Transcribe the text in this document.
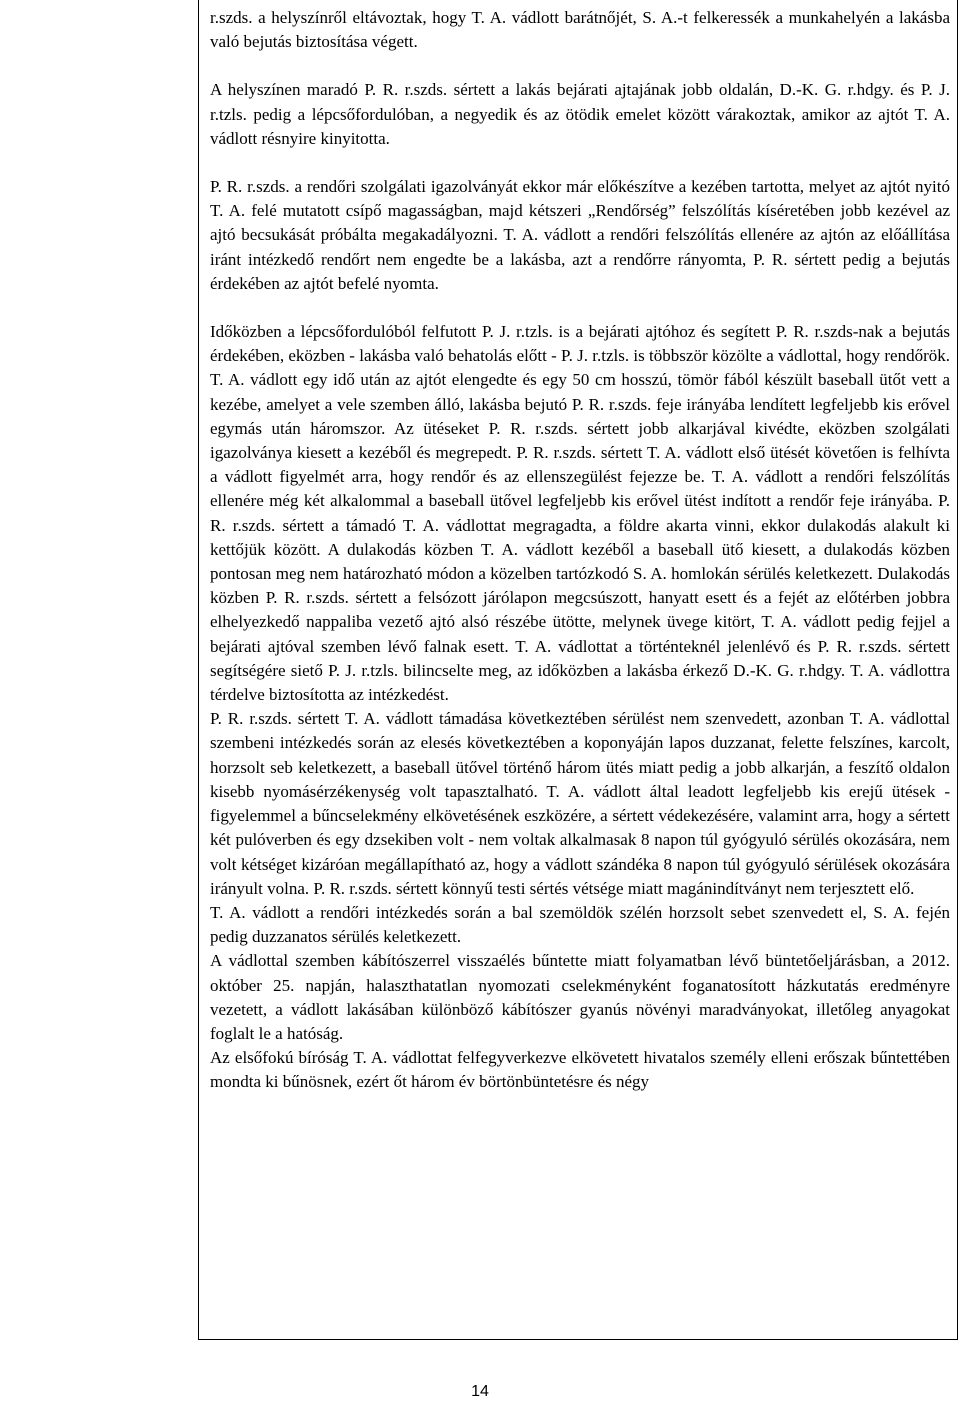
r.szds. a helyszínről eltávoztak, hogy T. A. vádlott barátnőjét, S. A.-t felkeressék a munkahelyén a lakásba való bejutás biztosítása végett.

A helyszínen maradó P. R. r.szds. sértett a lakás bejárati ajtajának jobb oldalán, D.-K. G. r.hdgy. és P. J. r.tzls. pedig a lépcsőfordulóban, a negyedik és az ötödik emelet között várakoztak, amikor az ajtót T. A. vádlott résnyire kinyitotta.

P. R. r.szds. a rendőri szolgálati igazolványát ekkor már előkészítve a kezében tartotta, melyet az ajtót nyitó T. A. felé mutatott csípő magasságban, majd kétszeri „Rendőrség” felszólítás kíséretében jobb kezével az ajtó becsukását próbálta megakadályozni. T. A. vádlott a rendőri felszólítás ellenére az ajtón az előállítása iránt intézkedő rendőrt nem engedte be a lakásba, azt a rendőrre rányomta, P. R. sértett pedig a bejutás érdekében az ajtót befelé nyomta.

Időközben a lépcsőfordulóból felfutott P. J. r.tzls. is a bejárati ajtóhoz és segített P. R. r.szds-nak a bejutás érdekében, eközben - lakásba való behatolás előtt - P. J. r.tzls. is többször közölte a vádlottal, hogy rendőrök. T. A. vádlott egy idő után az ajtót elengedte és egy 50 cm hosszú, tömör fából készült baseball ütőt vett a kezébe, amelyet a vele szemben álló, lakásba bejutó P. R. r.szds. feje irányába lendített legfeljebb kis erővel egymás után háromszor. Az ütéseket P. R. r.szds. sértett jobb alkarjával kivédte, eközben szolgálati igazolványa kiesett a kezéből és megrepedt. P. R. r.szds. sértett T. A. vádlott első ütését követően is felhívta a vádlott figyelmét arra, hogy rendőr és az ellenszegülést fejezze be. T. A. vádlott a rendőri felszólítás ellenére még két alkalommal a baseball ütővel legfeljebb kis erővel ütést indított a rendőr feje irányába. P. R. r.szds. sértett a támadó T. A. vádlottat megragadta, a földre akarta vinni, ekkor dulakodás alakult ki kettőjük között. A dulakodás közben T. A. vádlott kezéből a baseball ütő kiesett, a dulakodás közben pontosan meg nem határozható módon a közelben tartózkodó S. A. homlokán sérülés keletkezett. Dulakodás közben P. R. r.szds. sértett a felsózott járólapon megcsúszott, hanyatt esett és a fejét az előtérben jobbra elhelyezkedő nappaliba vezető ajtó alsó részébe ütötte, melynek üvege kitört, T. A. vádlott pedig fejjel a bejárati ajtóval szemben lévő falnak esett. T. A. vádlottat a történteknél jelenlévő és P. R. r.szds. sértett segítségére siető P. J. r.tzls. bilincselte meg, az időközben a lakásba érkező D.-K. G. r.hdgy. T. A. vádlottra térdelve biztosította az intézkedést.

P. R. r.szds. sértett T. A. vádlott támadása következtében sérülést nem szenvedett, azonban T. A. vádlottal szembeni intézkedés során az elesés következtében a koponyáján lapos duzzanat, felette felszínes, karcolt, horzsolt seb keletkezett, a baseball ütővel történő három ütés miatt pedig a jobb alkarján, a feszítő oldalon kisebb nyomásérzékenység volt tapasztalható. T. A. vádlott által leadott legfeljebb kis erejű ütések - figyelemmel a bűncselekmény elkövetésének eszközére, a sértett védekezésére, valamint arra, hogy a sértett két pulóverben és egy dzsekiben volt - nem voltak alkalmasak 8 napon túl gyógyuló sérülés okozására, nem volt kétséget kizáróan megállapítható az, hogy a vádlott szándéka 8 napon túl gyógyuló sérülések okozására irányult volna. P. R. r.szds. sértett könnyű testi sértés vétsége miatt magánindítványt nem terjesztett elő.

T. A. vádlott a rendőri intézkedés során a bal szemöldök szélén horzsolt sebet szenvedett el, S. A. fején pedig duzzanatos sérülés keletkezett.

A vádlottal szemben kábítószerrel visszaélés bűntette miatt folyamatban lévő büntetőeljárásban, a 2012. október 25. napján, halaszthatatlan nyomozati cselekményként foganatosított házkutatás eredményre vezetett, a vádlott lakásában különböző kábítószer gyanús növényi maradványokat, illetőleg anyagokat foglalt le a hatóság.

Az elsőfokú bíróság T. A. vádlottat felfegyverkezve elkövetett hivatalos személy elleni erőszak bűntettében mondta ki bűnösnek, ezért őt három év börtönbüntetésre és négy

14
